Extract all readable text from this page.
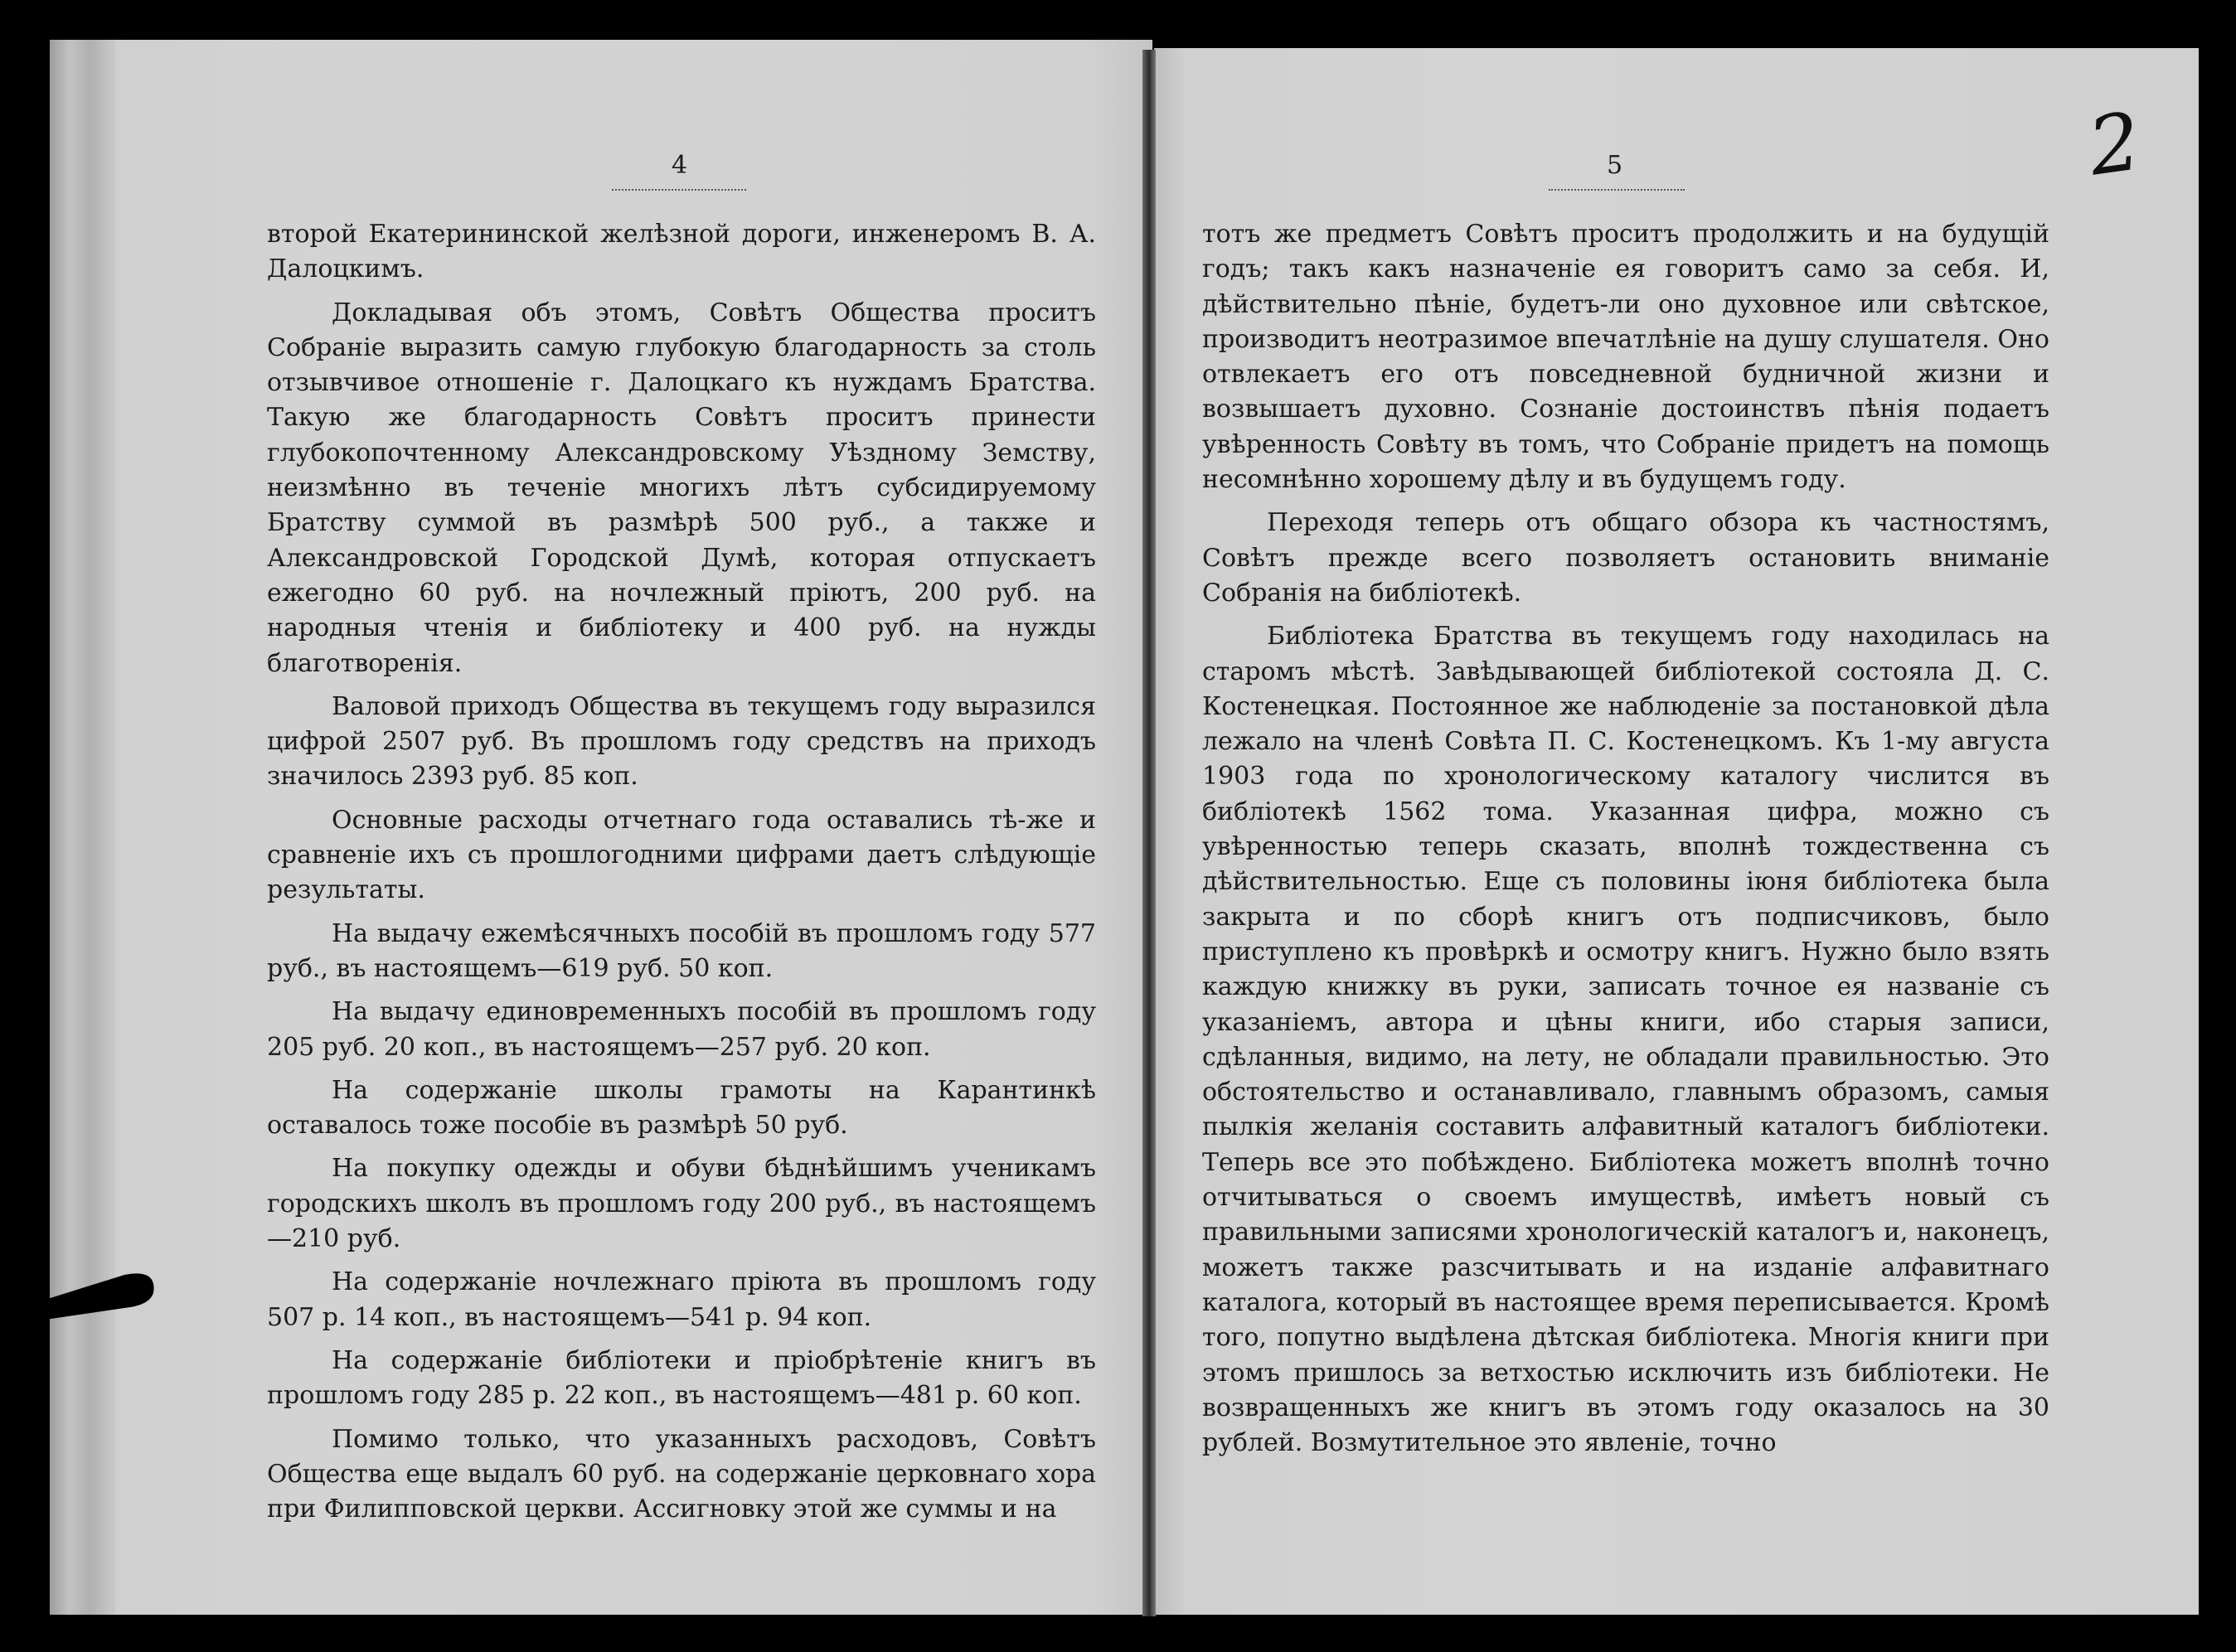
4

второй Екатерининской желѣзной дороги, инженеромъ В. А. Далоцкимъ.

Докладывая объ этомъ, Совѣтъ Общества проситъ Собраніе выразить самую глубокую благодарность за столь отзывчивое отношеніе г. Далоцкаго къ нуждамъ Братства. Такую же благодарность Совѣтъ проситъ принести глубокопочтенному Александровскому Уѣздному Земству, неизмѣнно въ теченіе многихъ лѣтъ субсидируемому Братству суммой въ размѣрѣ 500 руб., а также и Александровской Городской Думѣ, которая отпускаетъ ежегодно 60 руб. на ночлежный пріютъ, 200 руб. на народныя чтенія и библіотеку и 400 руб. на нужды благотворенія.

Валовой приходъ Общества въ текущемъ году выразился цифрой 2507 руб. Въ прошломъ году средствъ на приходъ значилось 2393 руб. 85 коп.

Основные расходы отчетнаго года оставались тѣ-же и сравненіе ихъ съ прошлогодними цифрами даетъ слѣдующіе результаты.

На выдачу ежемѣсячныхъ пособій въ прошломъ году 577 руб., въ настоящемъ—619 руб. 50 коп.

На выдачу единовременныхъ пособій въ прошломъ году 205 руб. 20 коп., въ настоящемъ—257 руб. 20 коп.

На содержаніе школы грамоты на Карантинкѣ оставалось тоже пособіе въ размѣрѣ 50 руб.

На покупку одежды и обуви бѣднѣйшимъ ученикамъ городскихъ школъ въ прошломъ году 200 руб., въ настоящемъ—210 руб.

На содержаніе ночлежнаго пріюта въ прошломъ году 507 р. 14 коп., въ настоящемъ—541 р. 94 коп.

На содержаніе библіотеки и пріобрѣтеніе книгъ въ прошломъ году 285 р. 22 коп., въ настоящемъ—481 р. 60 коп.

Помимо только, что указанныхъ расходовъ, Совѣтъ Общества еще выдалъ 60 руб. на содержаніе церковнаго хора при Филипповской церкви. Ассигновку этой же суммы и на

5	2

тотъ же предметъ Совѣтъ проситъ продолжить и на будущій годъ; такъ какъ назначеніе ея говоритъ само за себя. И, дѣйствительно пѣніе, будетъ-ли оно духовное или свѣтское, производитъ неотразимое впечатлѣніе на душу слушателя. Оно отвлекаетъ его отъ повседневной будничной жизни и возвышаетъ духовно. Сознаніе достоинствъ пѣнія подаетъ увѣренность Совѣту въ томъ, что Собраніе придетъ на помощь несомнѣнно хорошему дѣлу и въ будущемъ году.

Переходя теперь отъ общаго обзора къ частностямъ, Совѣтъ прежде всего позволяетъ остановить вниманіе Собранія на библіотекѣ.

Библіотека Братства въ текущемъ году находилась на старомъ мѣстѣ. Завѣдывающей библіотекой состояла Д. С. Костенецкая. Постоянное же наблюденіе за постановкой дѣла лежало на членѣ Совѣта П. С. Костенецкомъ. Къ 1-му августа 1903 года по хронологическому каталогу числится въ библіотекѣ 1562 тома. Указанная цифра, можно съ увѣренностью теперь сказать, вполнѣ тождественна съ дѣйствительностью. Еще съ половины іюня библіотека была закрыта и по сборѣ книгъ отъ подписчиковъ, было приступлено къ провѣркѣ и осмотру книгъ. Нужно было взять каждую книжку въ руки, записать точное ея названіе съ указаніемъ, автора и цѣны книги, ибо старыя записи, сдѣланныя, видимо, на лету, не обладали правильностью. Это обстоятельство и останавливало, главнымъ образомъ, самыя пылкія желанія составить алфавитный каталогъ библіотеки. Теперь все это побѣждено. Библіотека можетъ вполнѣ точно отчитываться о своемъ имуществѣ, имѣетъ новый съ правильными записями хронологическій каталогъ и, наконецъ, можетъ также разсчитывать и на изданіе алфавитнаго каталога, который въ настоящее время переписывается. Кромѣ того, попутно выдѣлена дѣтская библіотека. Многія книги при этомъ пришлось за ветхостью исключить изъ библіотеки. Не возвращенныхъ же книгъ въ этомъ году оказалось на 30 рублей. Возмутительное это явленіе, точно
